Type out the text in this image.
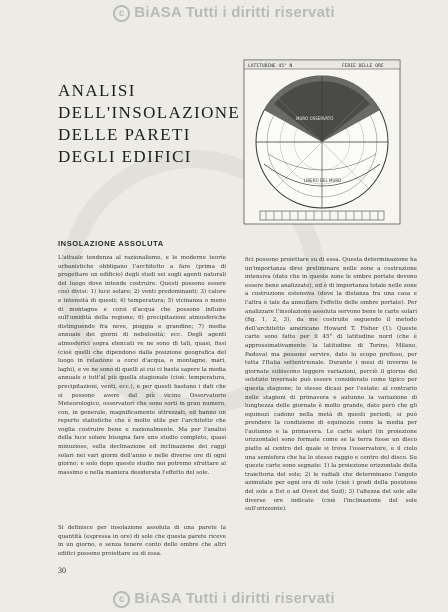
c BiASA Tutti i diritti riservati
ANALISI
DELL'INSOLAZIONE
DELLE PARETI
DEGLI EDIFICI
LATITUDINE 45° N	FERIE DELLE ORE
MURO OSSERVATO
LIBERO DEL MURO
INSOLAZIONE ASSOLUTA

L'attuale tendenza al razionalismo, e le moderne teorie urbanistiche obbligano l'architetto a fare (prima di progettare un edificio) degli studi sei sugli agenti naturali del luogo dove intende costruire. Questi possono essere così divisi: 1) luce solare; 2) venti predominanti; 3) calore e intensità di questi; 4) temperatura; 5) vicinanza o meno di montagne e corsi d'acqua che possono influire sull'umidità della regione; 6) precipitazioni atmosferiche distinguendo fra neve, pioggia e grandine; 7) media annuale dei giorni di nebulosità; ecc. Degli agenti atmosferici sopra elencati ve ne sono di tali, quasi, fissi (cioè quelli che dipendono dalla posizione geografica del luogo in relazione a corsi d'acqua, o montagne, mari, laghi), e ve ne sono di quelli ai cui ci basta sapere la media annuale o tutt'al più quella stagionale (cioè: temperatura, precipitazioni, venti, ecc.), e per questi bastano i dati che si possono avere dal più vicino Osservatorio Meteorologico, osservatori che sono sorti in gran numero, con, in generale, magnificamente attrezzati, ed hanno un reperto statistiche che è molto utile per l'architetto che voglia costruire bene e razionalmente. Ma per l'analisi della luce solare bisogna fare uno studio completo, quasi minuzioso, sulla declinazione ed inclinazione dei raggi solari nei vari giorni dell'anno e nelle diverse ore di ogni giorno; e solo dopo questo studio noi potremo sfruttare al massimo e nella maniera desiderata l'effetto del sole.

Si definisce per insolazione assoluta di una parete la quantità (espressa in ore) di sole che questa parete riceve in un giorno, e senza tenere conto delle ombre che altri edifici possono proiettare su di essa.

fici possono proiettare su di essa. Questa determinazione ha un'importanza direi preliminare nelle zone a costruzione intensiva (dato che in queste zone le ombre portate devono essere bene analizzate), ed è di importanza totale nelle zone a costruzione estensiva (dove la distanza fra una casa e l'altra è tale da annullare l'effetto delle ombre portate). Per analizzare l'insolazione assoluta servono bene le carte solari (fig. 1, 2, 3), da me costruite seguendo il metodo dell'architetto americano Howard T. Fisher (1). Queste carte sono fatte per il 45° di latitudine nord (che è approssimativamente la latitudine di Torino, Milano, Padova) ma possono servire, dato lo scopo prefisso, per tutta l'Italia settentrionale. Durante i mesi di inverno le giornate subiscono leggere variazioni, perciò il giorno del solstizio invernale può essere considerato come tipico per questa stagione; lo stesso dicasi per l'estate: al contrario nelle stagioni di primavera e autunno la variazione di lunghezza delle giornate è molto grande, dato però che gli equinozi cadono nella metà di questi periodi, si può prendere la condizione di equinozio come la media per l'autunno e la primavera. Le carte solari (in proiezione orizzontale) sono formate come se la terra fosse un disco piatto al centro del quale si trova l'osservatore, e il cielo una semisfera che ha lo stesso raggio e centro del disco. Su queste carte sono segnate: 1) la proiezione orizzontale della traiettoria del sole; 2) le radiali che determinano l'angolo azimutale per ogni ora di sole (cioè i gradi della posizione del sole a Est o ad Ovest del Sud); 3) l'altezza del sole alle diverse ore indicate (cioè l'inclinazione del sole sull'orizzonte).

30
c BiASA Tutti i diritti riservati
